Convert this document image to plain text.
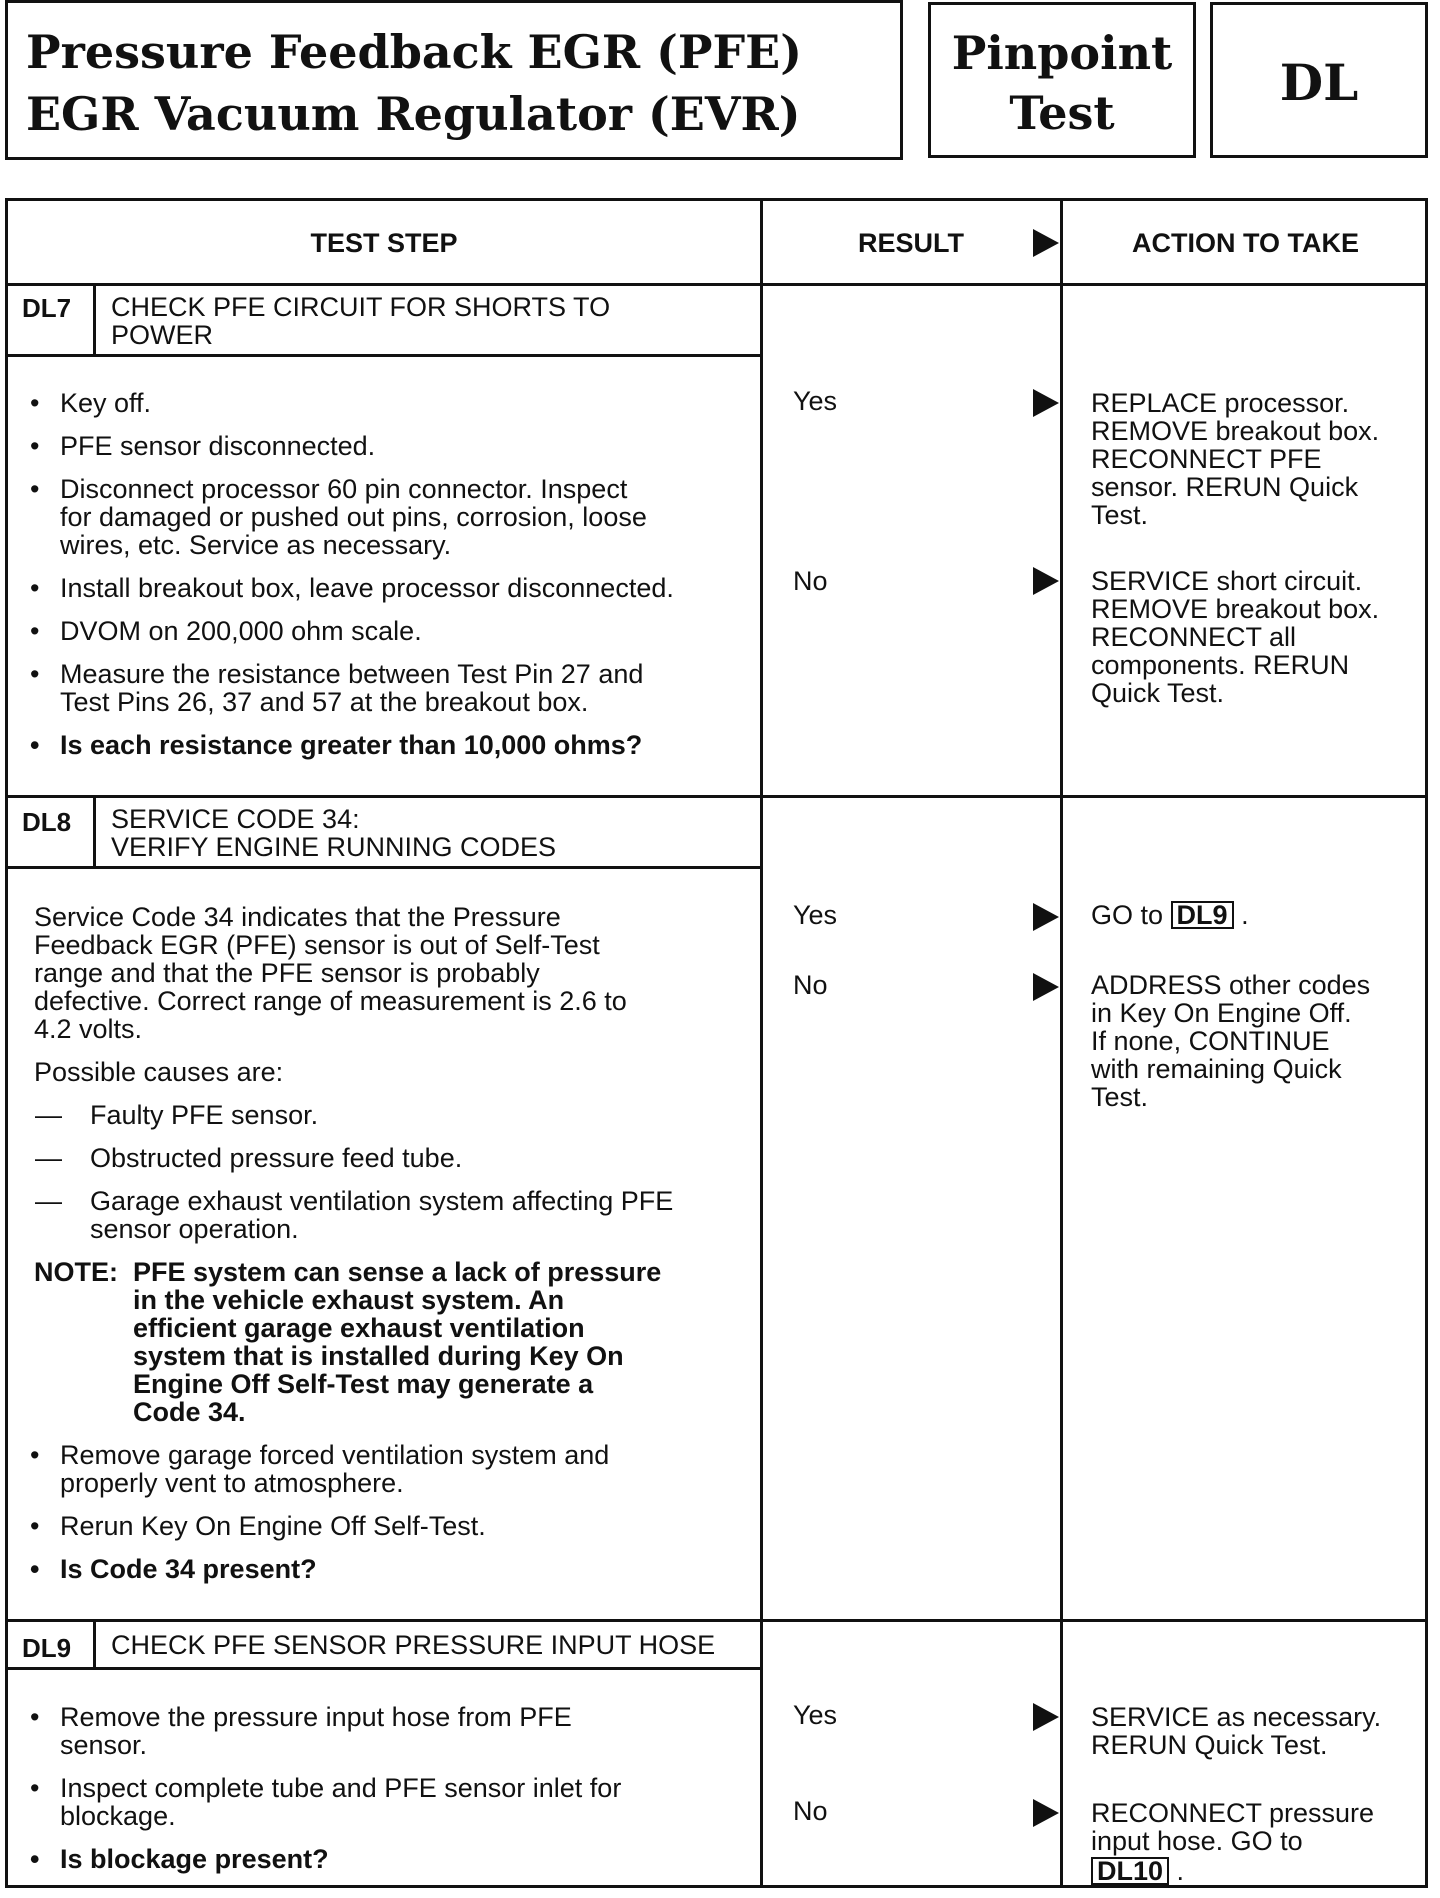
Pressure Feedback EGR (PFE)
EGR Vacuum Regulator (EVR)
Pinpoint
Test
DL
TEST STEP	RESULT	ACTION TO TAKE
DL7 CHECK PFE CIRCUIT FOR SHORTS TO
POWER
• Key off.
• PFE sensor disconnected.
• Disconnect processor 60 pin connector. Inspect
for damaged or pushed out pins, corrosion, loose
wires, etc. Service as necessary.
• Install breakout box, leave processor disconnected.
• DVOM on 200,000 ohm scale.
• Measure the resistance between Test Pin 27 and
Test Pins 26, 37 and 57 at the breakout box.
• Is each resistance greater than 10,000 ohms?
Yes	REPLACE processor.
REMOVE breakout box.
RECONNECT PFE
sensor. RERUN Quick
Test.
No	SERVICE short circuit.
REMOVE breakout box.
RECONNECT all
components. RERUN
Quick Test.
DL8 SERVICE CODE 34:
VERIFY ENGINE RUNNING CODES
Service Code 34 indicates that the Pressure
Feedback EGR (PFE) sensor is out of Self-Test
range and that the PFE sensor is probably
defective. Correct range of measurement is 2.6 to
4.2 volts.
Possible causes are:
— Faulty PFE sensor.
— Obstructed pressure feed tube.
— Garage exhaust ventilation system affecting PFE
sensor operation.
NOTE: PFE system can sense a lack of pressure
in the vehicle exhaust system. An
efficient garage exhaust ventilation
system that is installed during Key On
Engine Off Self-Test may generate a
Code 34.
• Remove garage forced ventilation system and
properly vent to atmosphere.
• Rerun Key On Engine Off Self-Test.
• Is Code 34 present?
Yes	GO to DL9 .
No	ADDRESS other codes
in Key On Engine Off.
If none, CONTINUE
with remaining Quick
Test.
DL9 CHECK PFE SENSOR PRESSURE INPUT HOSE
• Remove the pressure input hose from PFE
sensor.
• Inspect complete tube and PFE sensor inlet for
blockage.
• Is blockage present?
Yes	SERVICE as necessary.
RERUN Quick Test.
No	RECONNECT pressure
input hose. GO to
DL10 .
